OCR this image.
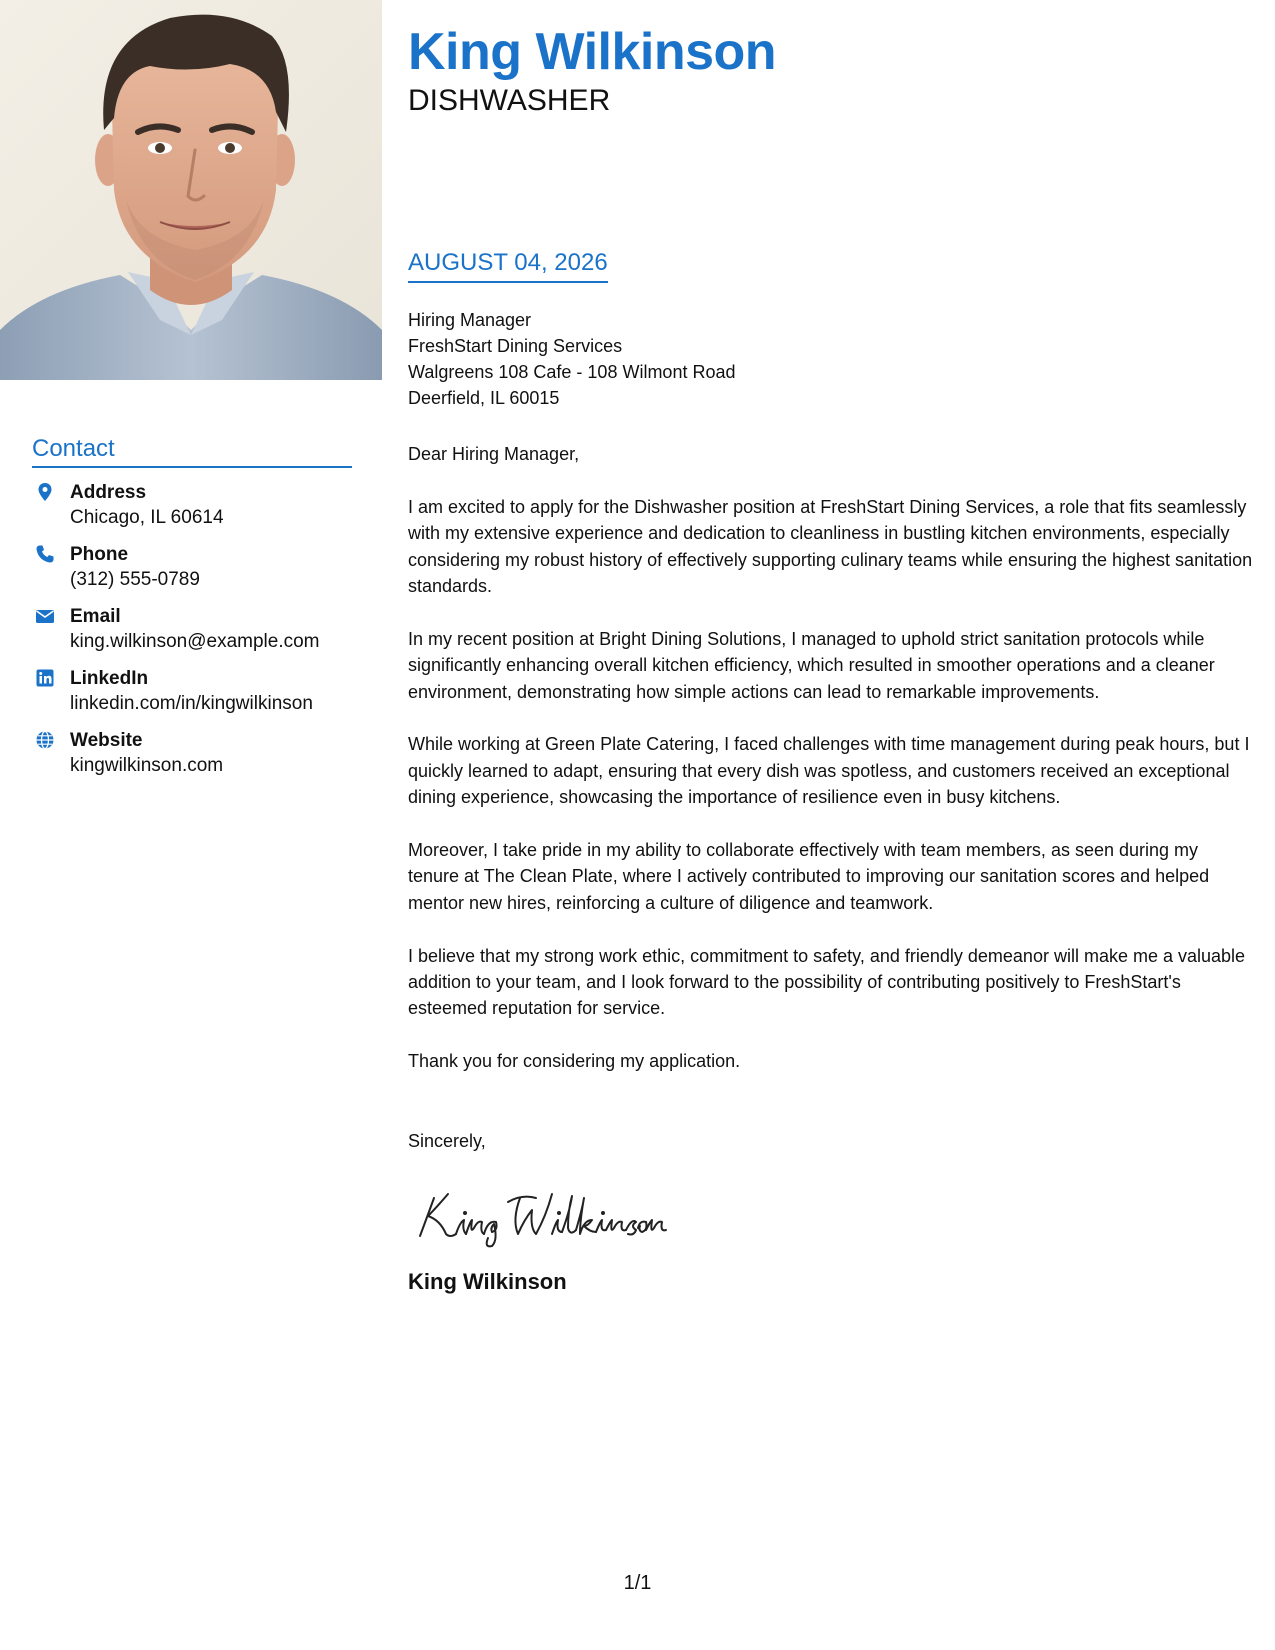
Contact
Address
Chicago, IL 60614
Phone
(312) 555-0789
Email
king.wilkinson@example.com
LinkedIn
linkedin.com/in/kingwilkinson
Website
kingwilkinson.com
King Wilkinson
DISHWASHER
AUGUST 04, 2026
Hiring Manager
FreshStart Dining Services
Walgreens 108 Cafe - 108 Wilmont Road
Deerfield, IL 60015

Dear Hiring Manager,

I am excited to apply for the Dishwasher position at FreshStart Dining Services, a role that fits seamlessly with my extensive experience and dedication to cleanliness in bustling kitchen environments, especially considering my robust history of effectively supporting culinary teams while ensuring the highest sanitation standards.

In my recent position at Bright Dining Solutions, I managed to uphold strict sanitation protocols while significantly enhancing overall kitchen efficiency, which resulted in smoother operations and a cleaner environment, demonstrating how simple actions can lead to remarkable improvements.

While working at Green Plate Catering, I faced challenges with time management during peak hours, but I quickly learned to adapt, ensuring that every dish was spotless, and customers received an exceptional dining experience, showcasing the importance of resilience even in busy kitchens.

Moreover, I take pride in my ability to collaborate effectively with team members, as seen during my tenure at The Clean Plate, where I actively contributed to improving our sanitation scores and helped mentor new hires, reinforcing a culture of diligence and teamwork.

I believe that my strong work ethic, commitment to safety, and friendly demeanor will make me a valuable addition to your team, and I look forward to the possibility of contributing positively to FreshStart's esteemed reputation for service.

Thank you for considering my application.

Sincerely,
King Wilkinson
1/1
